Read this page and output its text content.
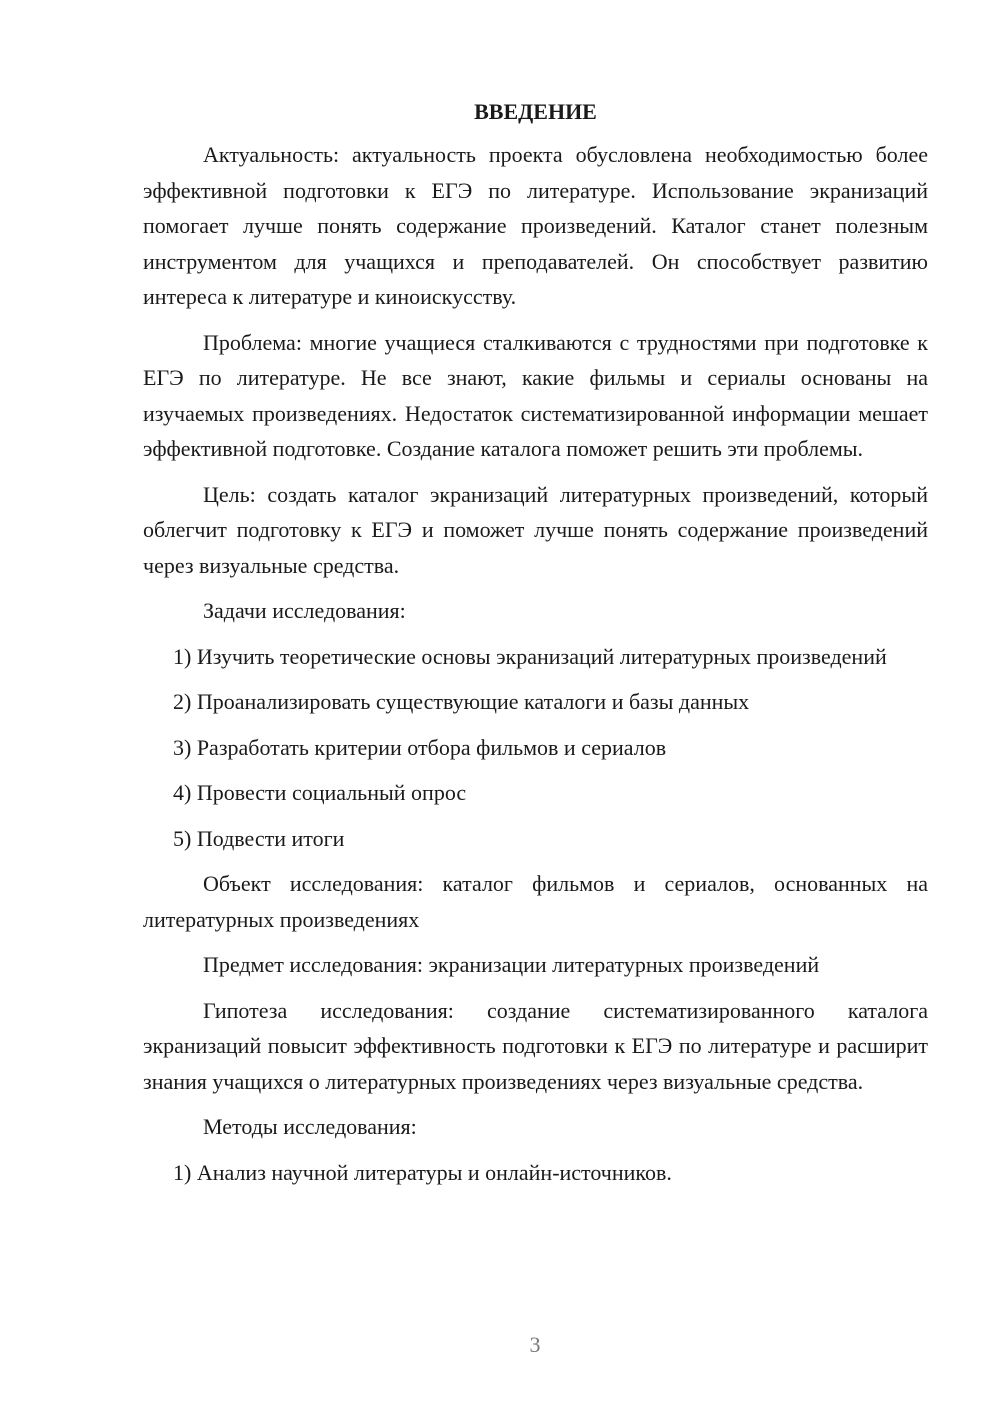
ВВЕДЕНИЕ

Актуальность: актуальность проекта обусловлена необходимостью более эффективной подготовки к ЕГЭ по литературе. Использование экранизаций помогает лучше понять содержание произведений. Каталог станет полезным инструментом для учащихся и преподавателей. Он способствует развитию интереса к литературе и киноискусству.

Проблема: многие учащиеся сталкиваются с трудностями при подготовке к ЕГЭ по литературе. Не все знают, какие фильмы и сериалы основаны на изучаемых произведениях. Недостаток систематизированной информации мешает эффективной подготовке. Создание каталога поможет решить эти проблемы.

Цель: создать каталог экранизаций литературных произведений, который облегчит подготовку к ЕГЭ и поможет лучше понять содержание произведений через визуальные средства.

Задачи исследования:

1) Изучить теоретические основы экранизаций литературных произведений

2) Проанализировать существующие каталоги и базы данных

3) Разработать критерии отбора фильмов и сериалов

4) Провести социальный опрос

5) Подвести итоги

Объект исследования: каталог фильмов и сериалов, основанных на литературных произведениях

Предмет исследования: экранизации литературных произведений

Гипотеза исследования: создание систематизированного каталога экранизаций повысит эффективность подготовки к ЕГЭ по литературе и расширит знания учащихся о литературных произведениях через визуальные средства.

Методы исследования:

1) Анализ научной литературы и онлайн-источников.

3
